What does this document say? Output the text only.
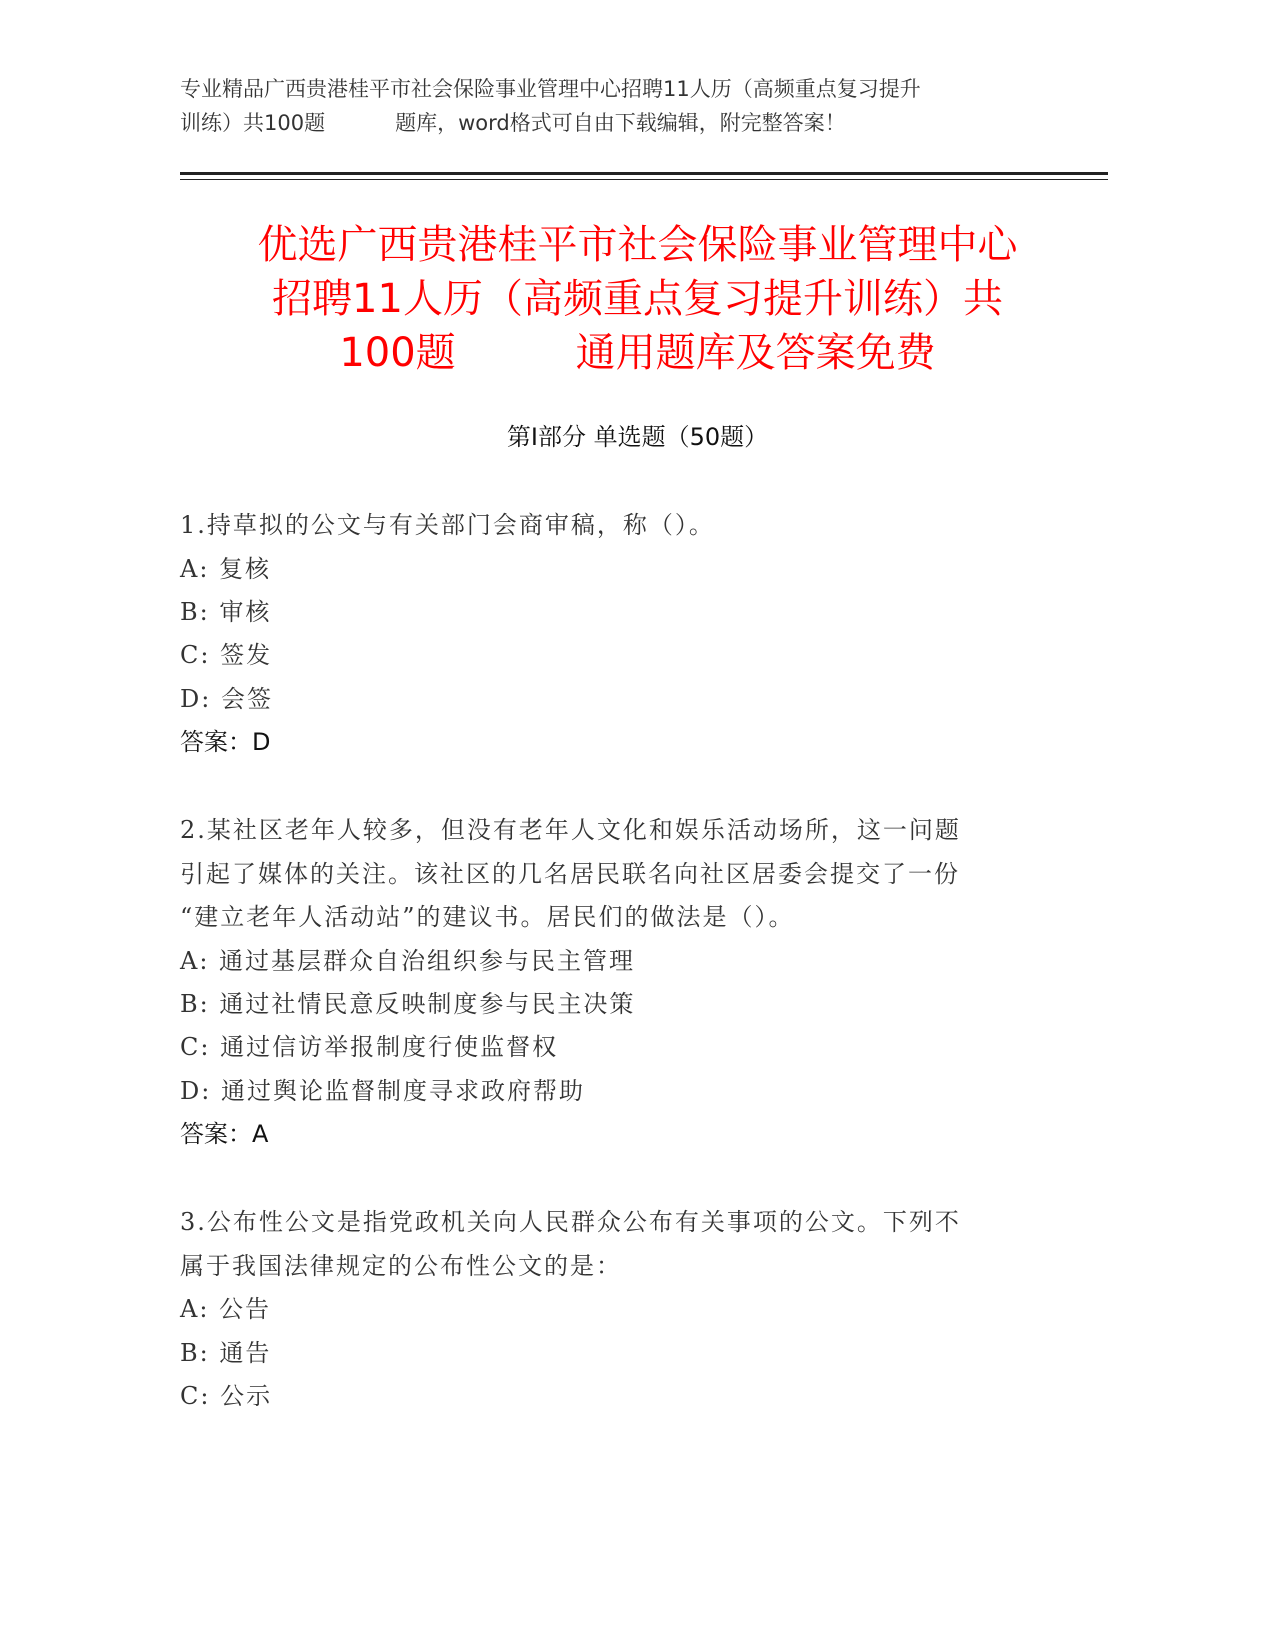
专业精品广西贵港桂平市社会保险事业管理中心招聘11人历（高频重点复习提升
训练）共100题	题库，word格式可自由下载编辑，附完整答案！
优选广西贵港桂平市社会保险事业管理中心
招聘11人历（高频重点复习提升训练）共
100题	通用题库及答案免费
第Ⅰ部分 单选题（50题）
1.持草拟的公文与有关部门会商审稿，称（）。
A: 复核
B: 审核
C: 签发
D: 会签
答案：D
2.某社区老年人较多，但没有老年人文化和娱乐活动场所，这一问题
引起了媒体的关注。该社区的几名居民联名向社区居委会提交了一份
“建立老年人活动站”的建议书。居民们的做法是（）。
A: 通过基层群众自治组织参与民主管理
B: 通过社情民意反映制度参与民主决策
C: 通过信访举报制度行使监督权
D: 通过舆论监督制度寻求政府帮助
答案：A
3.公布性公文是指党政机关向人民群众公布有关事项的公文。下列不
属于我国法律规定的公布性公文的是：
A: 公告
B: 通告
C: 公示
